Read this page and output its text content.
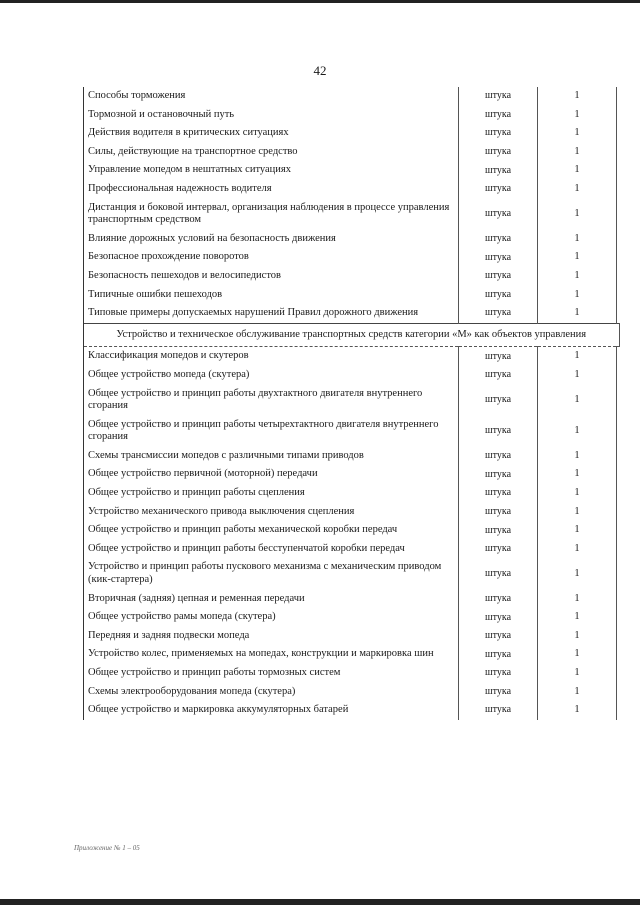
42
Способы торможения	штука	1	
Тормозной и остановочный путь	штука	1	
Действия водителя в критических ситуациях	штука	1	
Силы, действующие на транспортное средство	штука	1	
Управление мопедом в нештатных ситуациях	штука	1	
Профессиональная надежность водителя	штука	1	
Дистанция и боковой интервал, организация наблюдения в процессе управления транспортным средством	штука	1	
Влияние дорожных условий на безопасность движения	штука	1	
Безопасное прохождение поворотов	штука	1	
Безопасность пешеходов и велосипедистов	штука	1	
Типичные ошибки пешеходов	штука	1	
Типовые примеры допускаемых нарушений Правил дорожного движения	штука	1	
Устройство и техническое обслуживание транспортных средств категории «M» как объектов управления			
Классификация мопедов и скутеров	штука	1	
Общее устройство мопеда (скутера)	штука	1	
Общее устройство и принцип работы двухтактного двигателя внутреннего сгорания	штука	1	
Общее устройство и принцип работы четырехтактного двигателя внутреннего сгорания	штука	1	
Схемы трансмиссии мопедов с различными типами приводов	штука	1	
Общее устройство первичной (моторной) передачи	штука	1	
Общее устройство и принцип работы сцепления	штука	1	
Устройство механического привода выключения сцепления	штука	1	
Общее устройство и принцип работы механической коробки передач	штука	1	
Общее устройство и принцип работы бесступенчатой коробки передач	штука	1	
Устройство и принцип работы пускового механизма с механическим приводом (кик-стартера)	штука	1	
Вторичная (задняя) цепная и ременная передачи	штука	1	
Общее устройство рамы мопеда (скутера)	штука	1	
Передняя и задняя подвески мопеда	штука	1	
Устройство колес, применяемых на мопедах, конструкции и маркировка шин	штука	1	
Общее устройство и принцип работы тормозных систем	штука	1	
Схемы электрооборудования мопеда (скутера)	штука	1	
Общее устройство и маркировка аккумуляторных батарей	штука	1	
Приложение № 1 – 05
